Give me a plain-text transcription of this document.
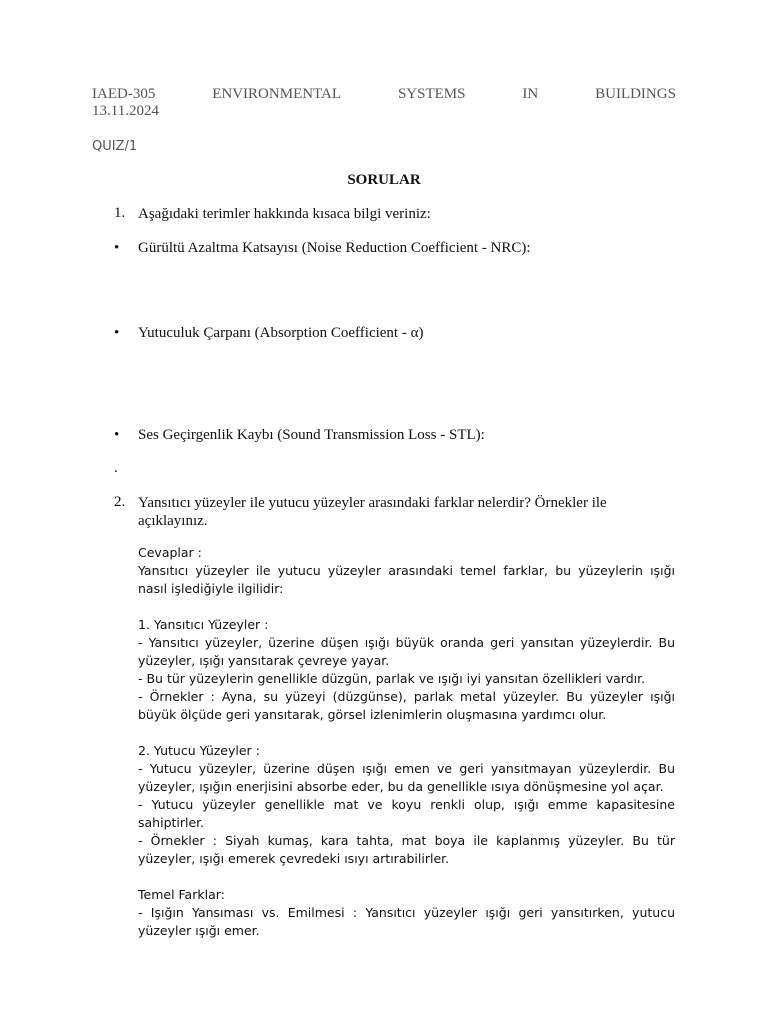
IAED-305	ENVIRONMENTAL	SYSTEMS	IN	BUILDINGS
13.11.2024
QUIZ/1
SORULAR
1. Aşağıdaki terimler hakkında kısaca bilgi veriniz:
• Gürültü Azaltma Katsayısı (Noise Reduction Coefficient - NRC):
• Yutuculuk Çarpanı (Absorption Coefficient - α)
• Ses Geçirgenlik Kaybı (Sound Transmission Loss - STL):
.
2. Yansıtıcı yüzeyler ile yutucu yüzeyler arasındaki farklar nelerdir? Örnekler ile açıklayınız.

Cevaplar :

Yansıtıcı yüzeyler ile yutucu yüzeyler arasındaki temel farklar, bu yüzeylerin ışığı nasıl işlediğiyle ilgilidir:

1. Yansıtıcı Yüzeyler :

- Yansıtıcı yüzeyler, üzerine düşen ışığı büyük oranda geri yansıtan yüzeylerdir. Bu yüzeyler, ışığı yansıtarak çevreye yayar.

- Bu tür yüzeylerin genellikle düzgün, parlak ve ışığı iyi yansıtan özellikleri vardır.

- Örnekler : Ayna, su yüzeyi (düzgünse), parlak metal yüzeyler. Bu yüzeyler ışığı büyük ölçüde geri yansıtarak, görsel izlenimlerin oluşmasına yardımcı olur.

2. Yutucu Yüzeyler :

- Yutucu yüzeyler, üzerine düşen ışığı emen ve geri yansıtmayan yüzeylerdir. Bu yüzeyler, ışığın enerjisini absorbe eder, bu da genellikle ısıya dönüşmesine yol açar.

- Yutucu yüzeyler genellikle mat ve koyu renkli olup, ışığı emme kapasitesine sahiptirler.

- Örnekler : Siyah kumaş, kara tahta, mat boya ile kaplanmış yüzeyler. Bu tür yüzeyler, ışığı emerek çevredeki ısıyı artırabilirler.

Temel Farklar:

- Işığın Yansıması vs. Emilmesi : Yansıtıcı yüzeyler ışığı geri yansıtırken, yutucu yüzeyler ışığı emer.
